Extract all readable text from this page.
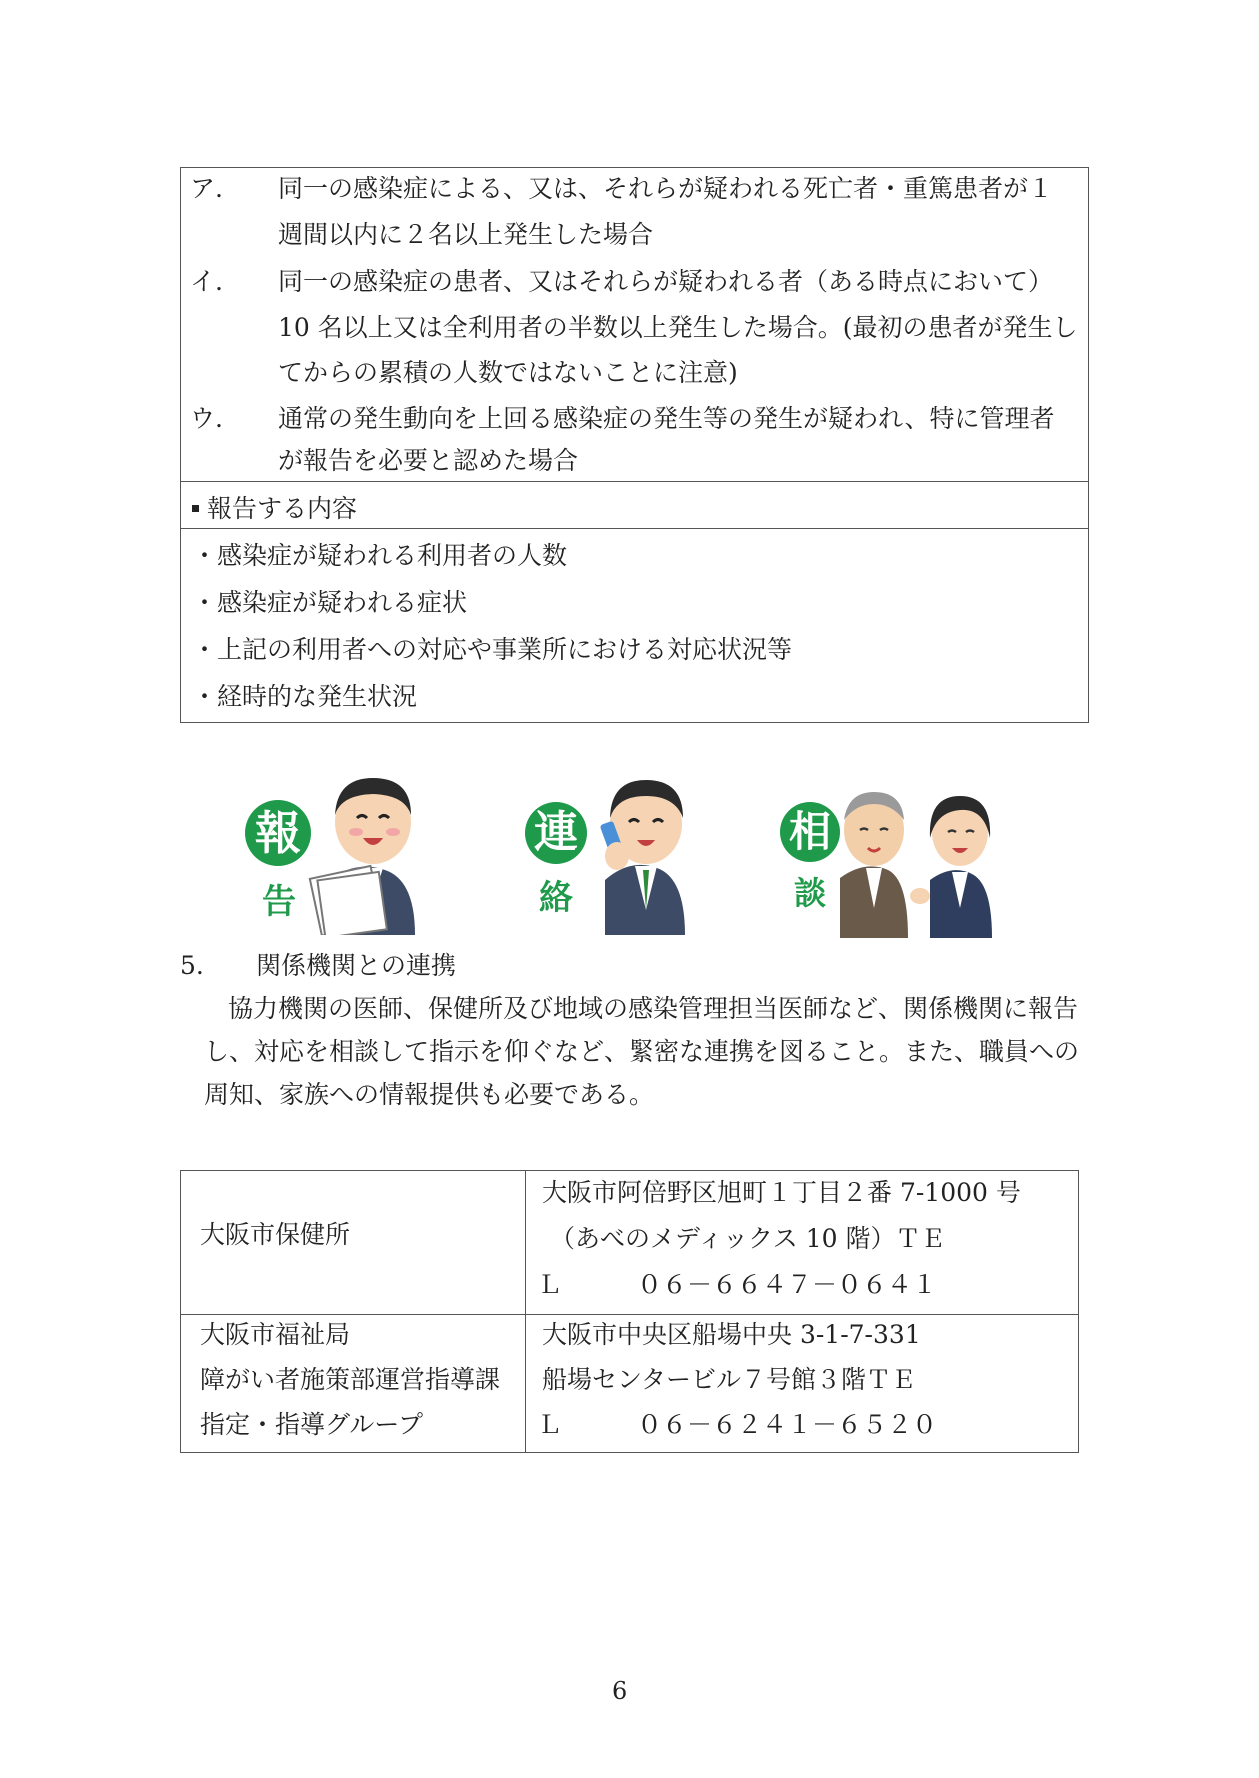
ア. 同一の感染症による、又は、それらが疑われる死亡者・重篤患者が１
週間以内に２名以上発生した場合
イ. 同一の感染症の患者、又はそれらが疑われる者（ある時点において）
10 名以上又は全利用者の半数以上発生した場合。(最初の患者が発生し
てからの累積の人数ではないことに注意)
ウ. 通常の発生動向を上回る感染症の発生等の発生が疑われ、特に管理者
が報告を必要と認めた場合
報告する内容
・感染症が疑われる利用者の人数
・感染症が疑われる症状
・上記の利用者への対応や事業所における対応状況等
・経時的な発生状況
報
告
連
絡
相
談
5. 関係機関との連携
協力機関の医師、保健所及び地域の感染管理担当医師など、関係機関に報告
し、対応を相談して指示を仰ぐなど、緊密な連携を図ること。また、職員への
周知、家族への情報提供も必要である。
大阪市保健所
大阪市阿倍野区旭町１丁目２番 7-1000 号
（あべのメディックス 10 階）ＴＥ
Ｌ　　　０６－６６４７－０６４１
大阪市福祉局
障がい者施策部運営指導課
指定・指導グループ
大阪市中央区船場中央 3-1-7-331
船場センタービル７号館３階ＴＥ
Ｌ　　　０６－６２４１－６５２０
6
